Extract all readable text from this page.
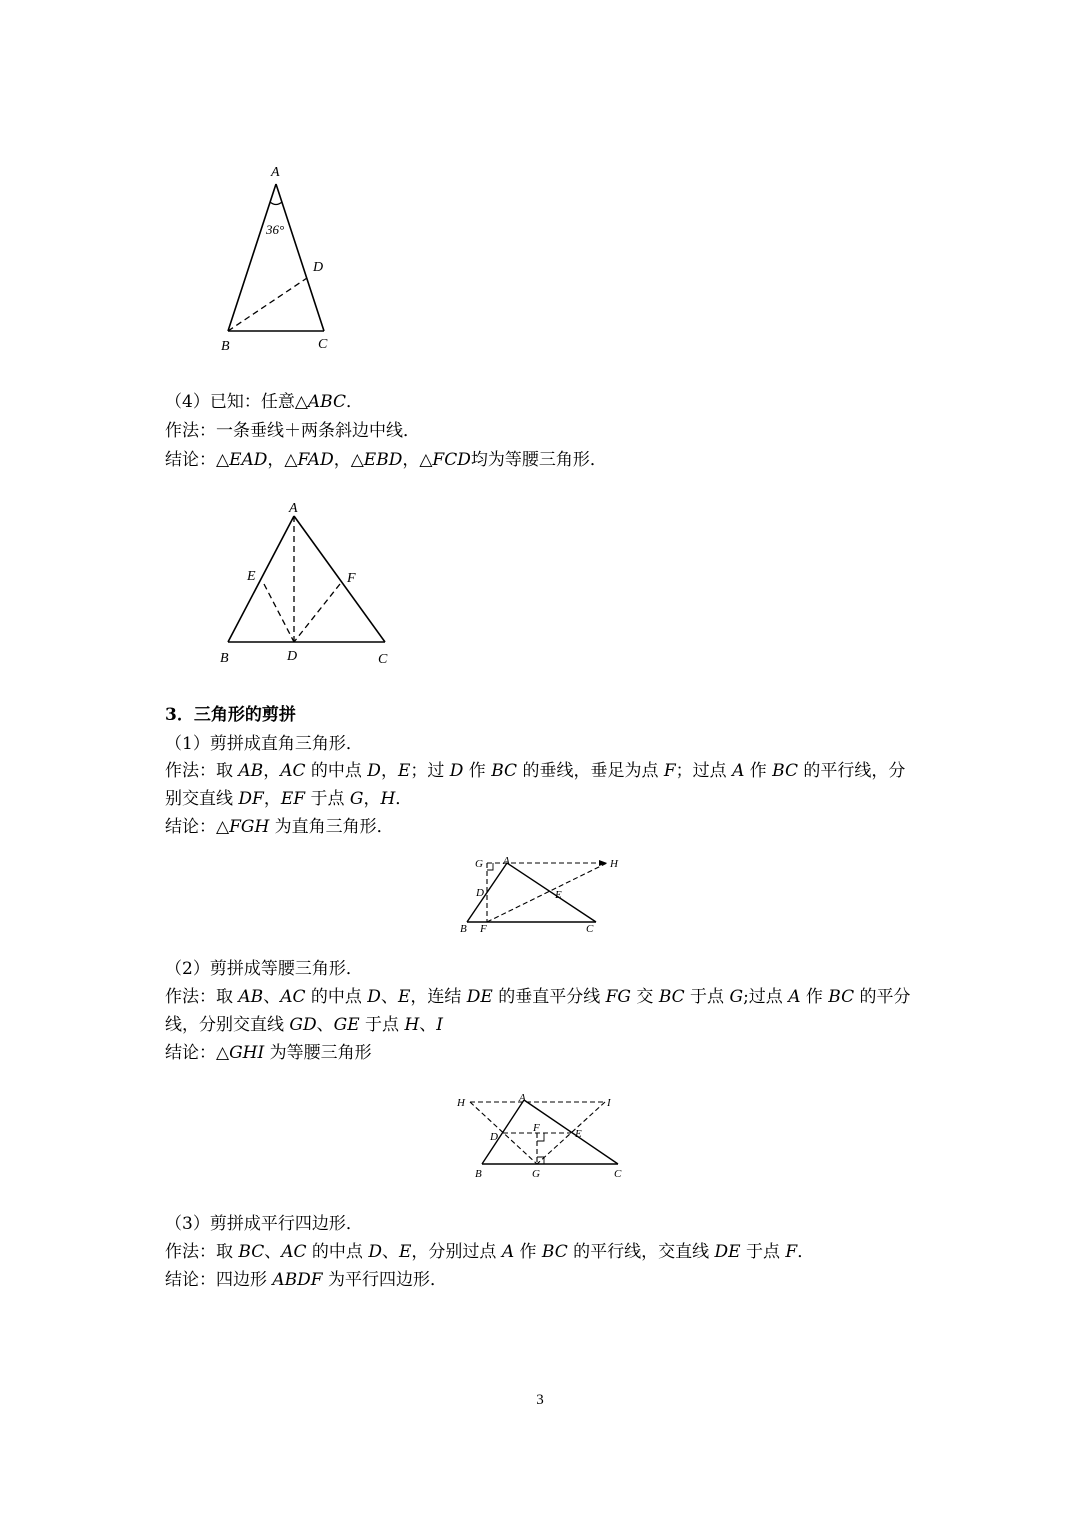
A
36°
D
B	C
（4）已知：任意△ABC．
作法：一条垂线＋两条斜边中线．
结论：△EAD，△FAD，△EBD，△FCD均为等腰三角形．
A
E	F
B	D	C
3．三角形的剪拼
（1）剪拼成直角三角形．
作法：取 AB，AC 的中点 D，E；过 D 作 BC 的垂线，垂足为点 F；过点 A 作 BC 的平行线，分
别交直线 DF，EF 于点 G，H．
结论：△FGH 为直角三角形．
G A	H
D	E
B F	C
（2）剪拼成等腰三角形．
作法：取 AB、AC 的中点 D、E，连结 DE 的垂直平分线 FG 交 BC 于点 G;过点 A 作 BC 的平分
线，分别交直线 GD、GE 于点 H、I
结论：△GHI 为等腰三角形
H	A	I
D
F	E
B	G	C
（3）剪拼成平行四边形．
作法：取 BC、AC 的中点 D、E，分别过点 A 作 BC 的平行线，交直线 DE 于点 F．
结论：四边形 ABDF 为平行四边形．
3
